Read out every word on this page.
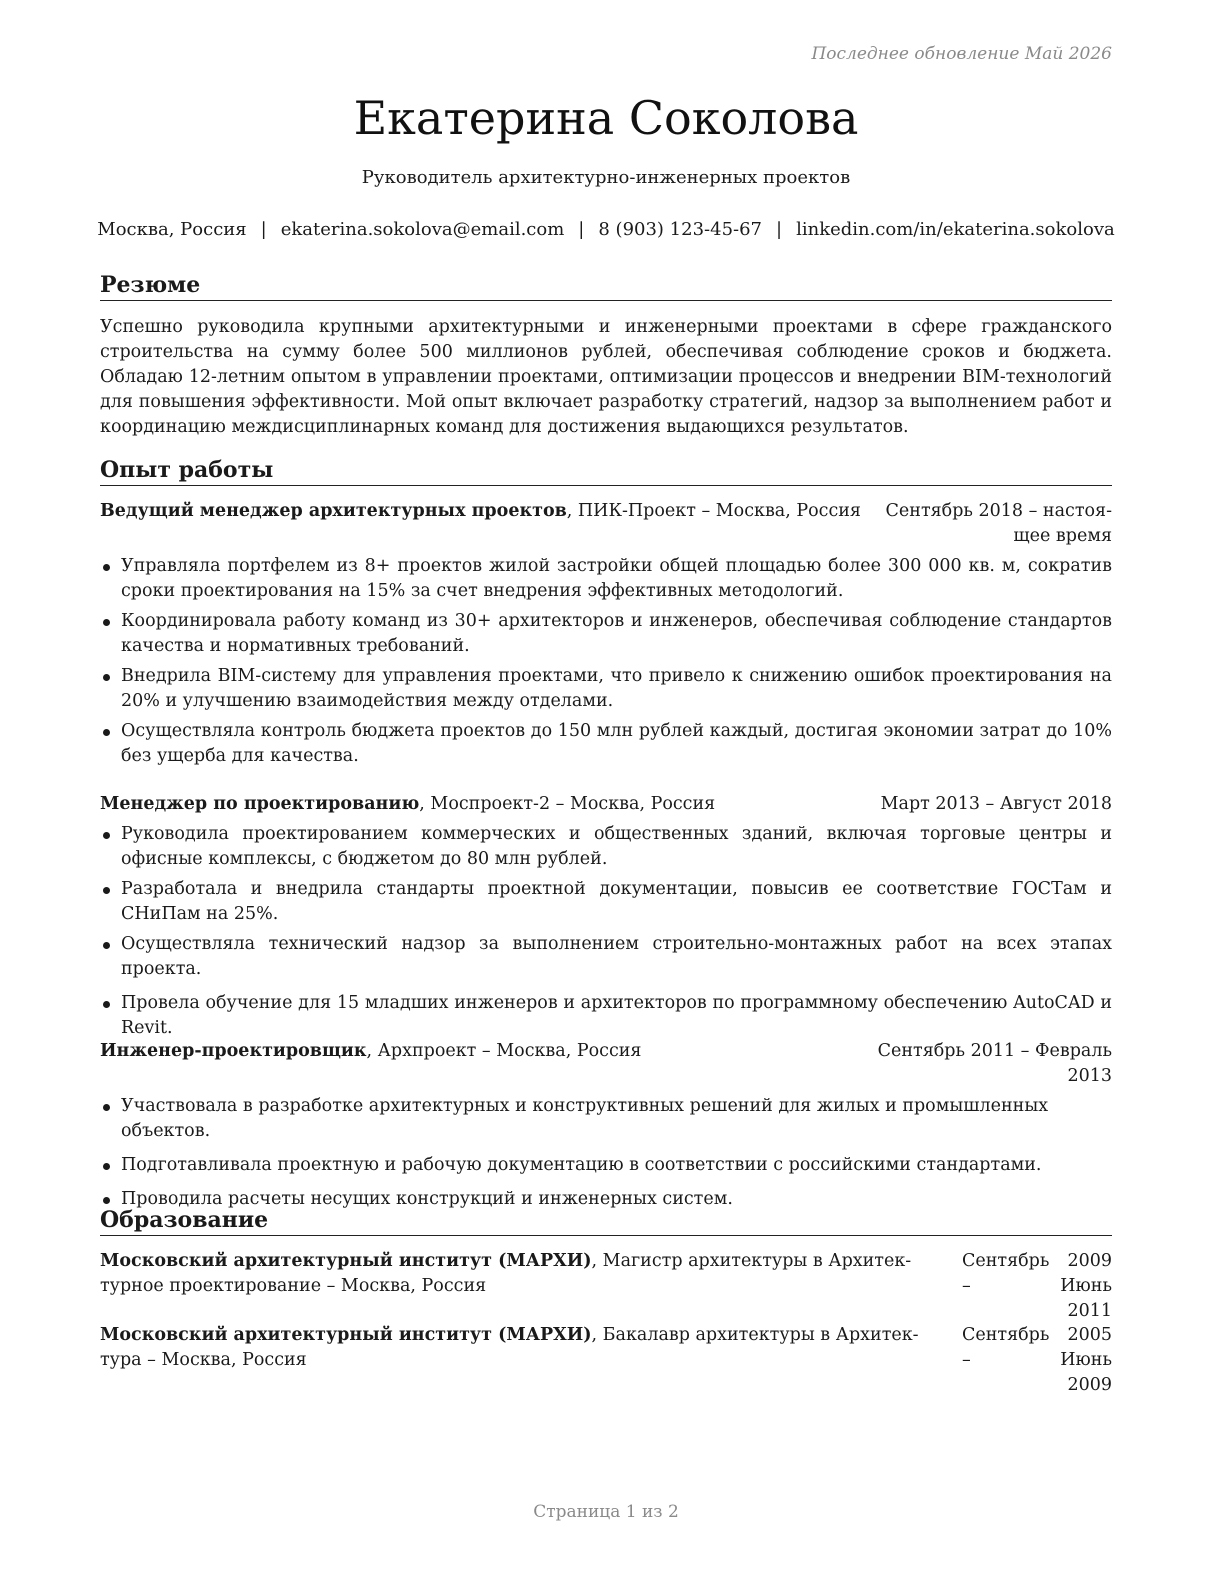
Последнее обновление Май 2026
Екатерина Соколова
Руководитель архитектурно-инженерных проектов
Москва, Россия | ekaterina.sokolova@email.com | 8 (903) 123-45-67 | linkedin.com/in/ekaterina.sokolova
Резюме
Успешно руководила крупными архитектурными и инженерными проектами в сфере гражданского строительства на сумму более 500 миллионов рублей, обеспечивая соблюдение сроков и бюджета. Обладаю 12-летним опытом в управлении проектами, оптимизации процессов и внедрении BIM-технологий для повышения эффективности. Мой опыт включает разработку стратегий, надзор за выполнением работ и координацию междисциплинарных команд для достижения выдающихся результатов.
Опыт работы
Ведущий менеджер архитектурных проектов, ПИК-Проект – Москва, Россия Сентябрь 2018 – настоя-
щее время
Управляла портфелем из 8+ проектов жилой застройки общей площадью более 300 000 кв. м, сократив сроки проектирования на 15% за счет внедрения эффективных методологий.
Координировала работу команд из 30+ архитекторов и инженеров, обеспечивая соблюдение стандартов качества и нормативных требований.
Внедрила BIM-систему для управления проектами, что привело к снижению ошибок проектирования на 20% и улучшению взаимодействия между отделами.
Осуществляла контроль бюджета проектов до 150 млн рублей каждый, достигая экономии затрат до 10% без ущерба для качества.
Менеджер по проектированию, Моспроект-2 – Москва, Россия	Март 2013 – Август 2018
Руководила проектированием коммерческих и общественных зданий, включая торговые центры и офисные комплексы, с бюджетом до 80 млн рублей.
Разработала и внедрила стандарты проектной документации, повысив ее соответствие ГОСТам и СНиПам на 25%.
Осуществляла технический надзор за выполнением строительно-монтажных работ на всех этапах проекта.
Провела обучение для 15 младших инженеров и архитекторов по программному обеспечению AutoCAD и Revit.
Инженер-проектировщик, Архпроект – Москва, Россия	Сентябрь 2011 – Февраль
2013
Участвовала в разработке архитектурных и конструктивных решений для жилых и промышленных объектов.
Подготавливала проектную и рабочую документацию в соответствии с российскими стандартами.
Проводила расчеты несущих конструкций и инженерных систем.
Образование
Московский архитектурный институт (МАРХИ), Магистр архитектуры в Архитек-
турное проектирование – Москва, Россия
Сентябрь 2009 – Июнь
2011
Московский архитектурный институт (МАРХИ), Бакалавр архитектуры в Архитек-
тура – Москва, Россия
Сентябрь 2005 – Июнь
2009
Страница 1 из 2
